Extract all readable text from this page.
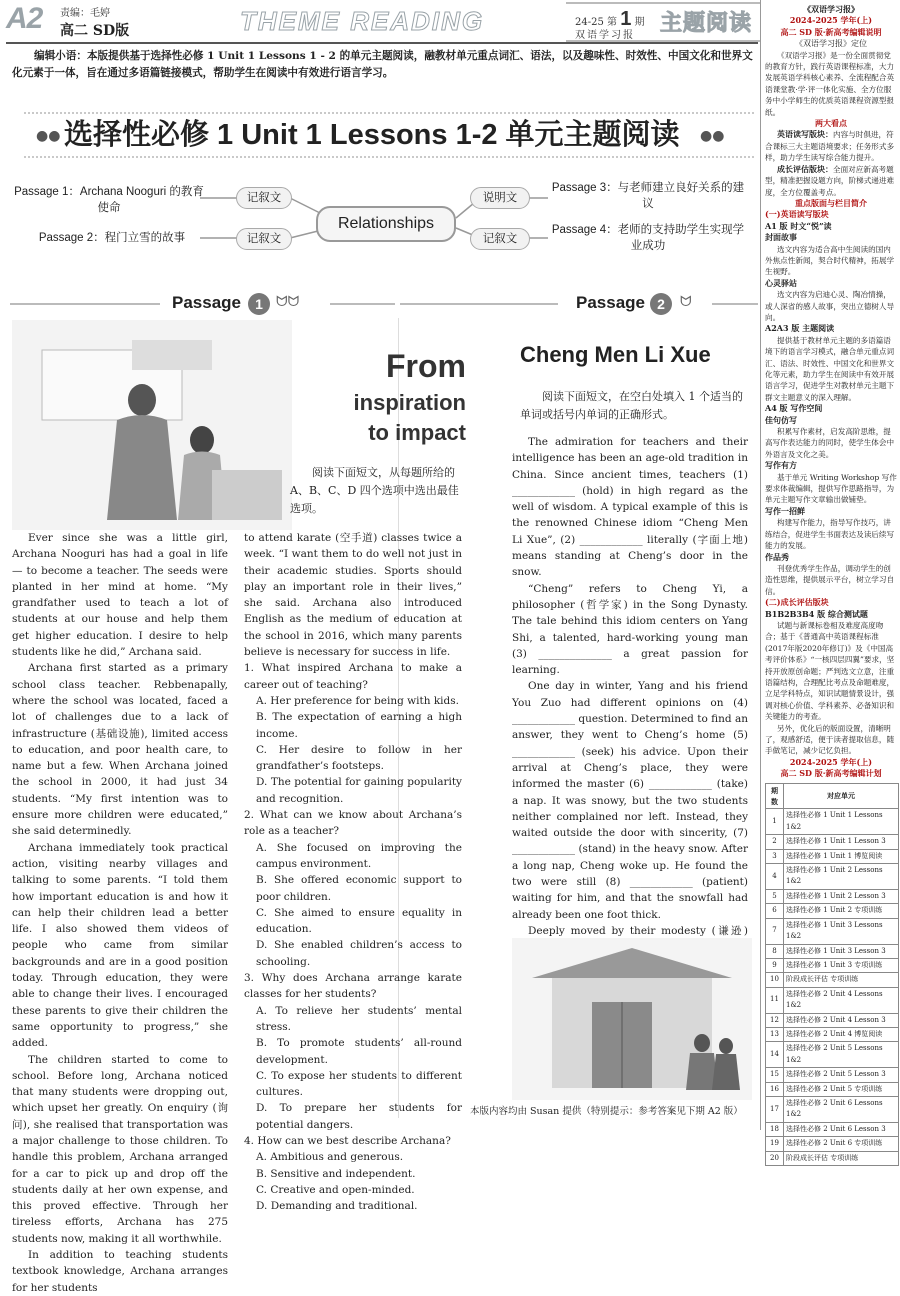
A2 责编：毛婷
高二 SD版	THEME READING	24-25 第 1 期
双语学习报 主题阅读
编辑小语：本版提供基于选择性必修 1 Unit 1 Lessons 1 - 2 的单元主题阅读，融教材单元重点词汇、语法，以及趣味性、时效性、中国文化和世界文化元素于一体，旨在通过多语篇链接模式，帮助学生在阅读中有效进行语言学习。
●●	●●
选择性必修 1 Unit 1 Lessons 1-2 单元主题阅读
Passage 1：Archana Nooguri 的教育使命
Passage 2：程门立雪的故事
记叙文
记叙文
Relationships
说明文
记叙文
Passage 3：与老师建立良好关系的建议
Passage 4：老师的支持助学生实现学业成功
Passage	1 ᗢᗢ	Passage 2	ᗢ
From
inspiration
to impact
阅读下面短文，从每题所给的 A、B、C、D 四个选项中选出最佳选项。

Ever since she was a little girl, Archana Nooguri has had a goal in life — to become a teacher. The seeds were planted in her mind at home. “My grandfather used to teach a lot of students at our house and help them get higher education. I desire to help students like he did,” Archana said.

Archana first started as a primary school class teacher. Rebbenapally, where the school was located, faced a lot of challenges due to a lack of infrastructure (基础设施), limited access to education, and poor health care, to name but a few. When Archana joined the school in 2000, it had just 34 students. “My first intention was to ensure more children were educated,” she said determinedly.

Archana immediately took practical action, visiting nearby villages and talking to some parents. “I told them how important education is and how it can help their children lead a better life. I also showed them videos of people who came from similar backgrounds and are in a good position today. Through education, they were able to change their lives. I encouraged these parents to give their children the same opportunity to progress,” she added.

The children started to come to school. Before long, Archana noticed that many students were dropping out, which upset her greatly. On enquiry (询问), she realised that transportation was a major challenge to those children. To handle this problem, Archana arranged for a car to pick up and drop off the students daily at her own expense, and this proved effective. Through her tireless efforts, Archana has 275 students now, making it all worthwhile.

In addition to teaching students textbook knowledge, Archana arranges for her students

to attend karate (空手道) classes twice a week. “I want them to do well not just in their academic studies. Sports should play an important role in their lives,” she said. Archana also introduced English as the medium of education at the school in 2016, which many parents believe is necessary for success in life.

1. What inspired Archana to make a career out of teaching?
A. Her preference for being with kids.
B. The expectation of earning a high income.
C. Her desire to follow in her grandfather’s footsteps.
D. The potential for gaining popularity and recognition.
2. What can we know about Archana’s role as a teacher?
A. She focused on improving the campus environment.
B. She offered economic support to poor children.
C. She aimed to ensure equality in education.
D. She enabled children’s access to schooling.
3. Why does Archana arrange karate classes for her students?
A. To relieve her students’ mental stress.
B. To promote students’ all-round development.
C. To expose her students to different cultures.
D. To prepare her students for potential dangers.
4. How can we best describe Archana?
A. Ambitious and generous.
B. Sensitive and independent.
C. Creative and open-minded.
D. Demanding and traditional.
Cheng Men Li Xue
阅读下面短文，在空白处填入 1 个适当的单词或括号内单词的正确形式。

The admiration for teachers and their intelligence has been an age-old tradition in China. Since ancient times, teachers (1) ____________ (hold) in high regard as the well of wisdom. A typical example of this is the renowned Chinese idiom “Cheng Men Li Xue”, (2) ____________ literally (字面上地) means standing at Cheng’s door in the snow.

“Cheng” refers to Cheng Yi, a philosopher (哲学家) in the Song Dynasty. The tale behind this idiom centers on Yang Shi, a talented, hard-working young man (3) ______________ a great passion for learning.

One day in winter, Yang and his friend You Zuo had different opinions on (4) ____________ question. Determined to find an answer, they went to Cheng’s home (5) ____________ (seek) his advice. Upon their arrival at Cheng’s place, they were informed the master (6) ____________ (take) a nap. It was snowy, but the two students neither complained nor left. Instead, they waited outside the door with sincerity, (7) ____________ (stand) in the heavy snow. After a long nap, Cheng woke up. He found the two were still (8) ____________ (patient) waiting for him, and that the snowfall had already been one foot thick.

Deeply moved by their modesty (谦逊)

本版内容均由 Susan 提供（特别提示：参考答案见下期 A2 版）
《双语学习报》
2024-2025 学年(上)
高二 SD 版·新高考编辑说明
《双语学习报》定位
《双语学习报》是一份全面贯彻党的教育方针，践行英语课程标准，大力发展英语学科核心素养、全流程配合英语课堂教·学·评一体化实施、全方位服务中小学师生的优质英语课程资源型报纸。
两大看点
英语读写版块：内容与时俱进，符合课标三大主题语境要求；任务形式多样，助力学生读写综合能力提升。
成长评估版块：全面对应新高考题型，精准把握设题方向，阶梯式递进难度，全方位覆盖考点。
重点版面与栏目简介
(一)英语读写版块
A1 版 时文“悦”读
封面故事
选文内容为适合高中生阅读的国内外焦点性新闻，契合时代精神，拓展学生视野。
心灵驿站
选文内容为启迪心灵、陶冶情操，或人深省的感人故事，突出立德树人导向。
A2A3 版 主题阅读
提供基于教材单元主题的多语篇语境下的语言学习模式，融合单元重点词汇、语法、时效性、中国文化和世界文化等元素，助力学生在阅读中有效开展语言学习，促进学生对教材单元主题下群文主题意义的深入理解。
A4 版 写作空间
佳句仿写
积累写作素材，启发高阶思维，提高写作表达能力的同时，使学生体会中外语言及文化之美。
写作有方
基于单元 Writing Workshop 写作要求体裁编辑，提供写作思路指导，为单元主题写作文章输出做铺垫。
写作一招鲜
构建写作能力，指导写作技巧，讲练结合，促进学生书面表达及读后续写能力的发展。
作品秀
刊登优秀学生作品，调动学生的创造性思维，提供展示平台，树立学习自信。
(二)成长评估版块
B1B2B3B4 版 综合测试题
试题与新课标卷相及难度高度吻合；基于《普通高中英语课程标准(2017年版2020年修订)》及《中国高考评价体系》“一核四层四翼”要求，坚持开放原创命题；严判选文立意，注重语篇结构，合理配比考点及命题难度，立足学科特点，知识试题情景设计，强调对核心价值、学科素养、必备知识和关键能力的考查。
另外，优化后的版面设置，清晰明了，观感舒适，便于读者提取信息，随手做笔记，减少记忆负担。
2024-2025 学年(上)
高二 SD 版·新高考编辑计划
期数	对应单元
1	选择性必修 1 Unit 1 Lessons 1&2
2	选择性必修 1 Unit 1 Lesson 3
3	选择性必修 1 Unit 1 博览阅读
4	选择性必修 1 Unit 2 Lessons 1&2
5	选择性必修 1 Unit 2 Lesson 3
6	选择性必修 1 Unit 2 专项训练
7	选择性必修 1 Unit 3 Lessons 1&2
8	选择性必修 1 Unit 3 Lesson 3
9	选择性必修 1 Unit 3 专项训练
10	阶段成长评估 专项训练
11	选择性必修 2 Unit 4 Lessons 1&2
12	选择性必修 2 Unit 4 Lesson 3
13	选择性必修 2 Unit 4 博览阅读
14	选择性必修 2 Unit 5 Lessons 1&2
15	选择性必修 2 Unit 5 Lesson 3
16	选择性必修 2 Unit 5 专项训练
17	选择性必修 2 Unit 6 Lessons 1&2
18	选择性必修 2 Unit 6 Lesson 3
19	选择性必修 2 Unit 6 专项训练
20	阶段成长评估 专项训练
